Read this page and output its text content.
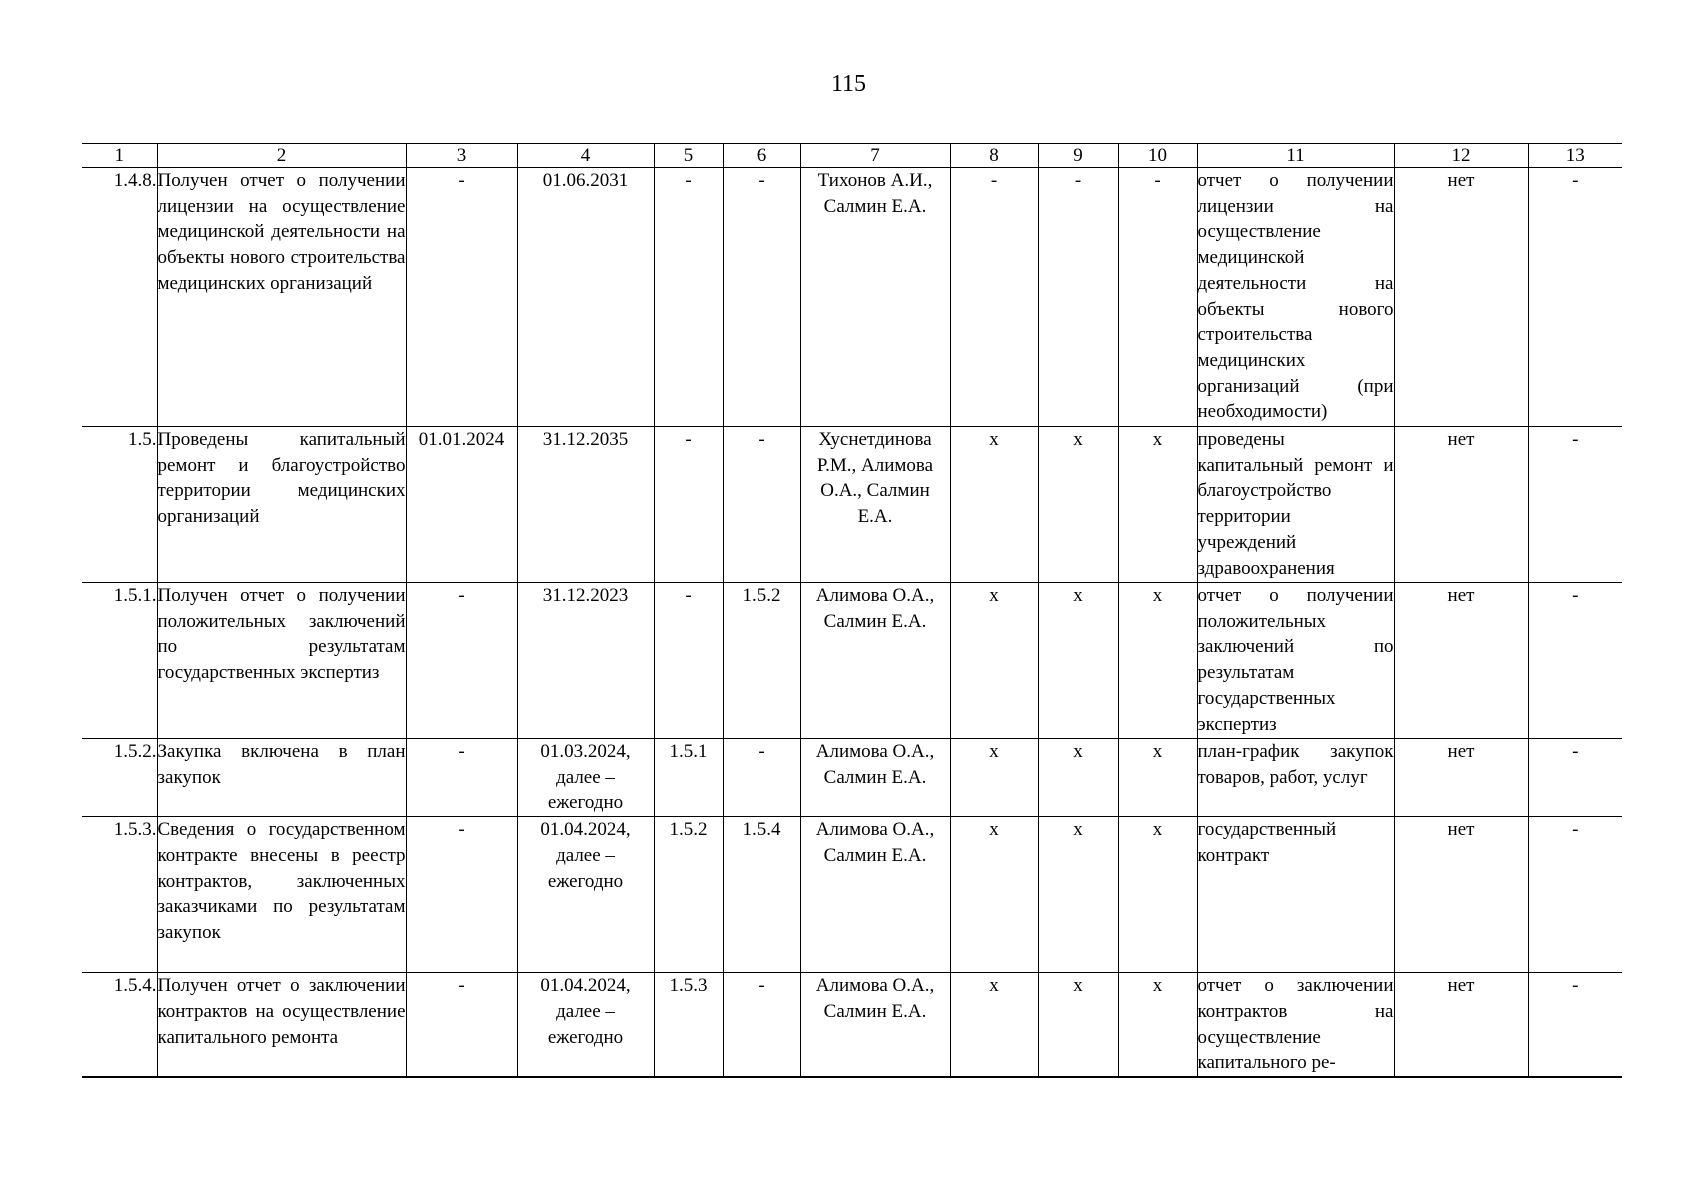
115
1	2	3	4	5	6	7	8	9	10	11	12	13
1.4.8.	Получен отчет о получении лицензии на осуществление медицинской деятельности на объекты нового строительства медицинских организаций	-	01.06.2031	-	-	Тихонов А.И., Салмин Е.А.	-	-	-	отчет о получении лицензии на осуществление медицинской деятельности на объекты нового строительства медицинских организаций (при необходимости)	нет	-
1.5.	Проведены капитальный ремонт и благоустройство территории медицинских организаций	01.01.2024	31.12.2035	-	-	Хуснетдинова Р.М., Алимова О.А., Салмин Е.А.	х	х	х	проведены капитальный ремонт и благоустройство территории учреждений здравоохранения	нет	-
1.5.1.	Получен отчет о получении положительных заключений по результатам государственных экспертиз	-	31.12.2023	-	1.5.2	Алимова О.А., Салмин Е.А.	х	х	х	отчет о получении положительных заключений по результатам государственных экспертиз	нет	-
1.5.2.	Закупка включена в план закупок	-	01.03.2024, далее – ежегодно	1.5.1	-	Алимова О.А., Салмин Е.А.	х	х	х	план-график закупок товаров, работ, услуг	нет	-
1.5.3.	Сведения о государственном контракте внесены в реестр контрактов, заключенных заказчиками по результатам закупок	-	01.04.2024, далее – ежегодно	1.5.2	1.5.4	Алимова О.А., Салмин Е.А.	х	х	х	государственный контракт	нет	-
1.5.4.	Получен отчет о заключении контрактов на осуществление капитального ремонта	-	01.04.2024, далее – ежегодно	1.5.3	-	Алимова О.А., Салмин Е.А.	х	х	х	отчет о заключении контрактов на осуществление капитального ре-	нет	-
